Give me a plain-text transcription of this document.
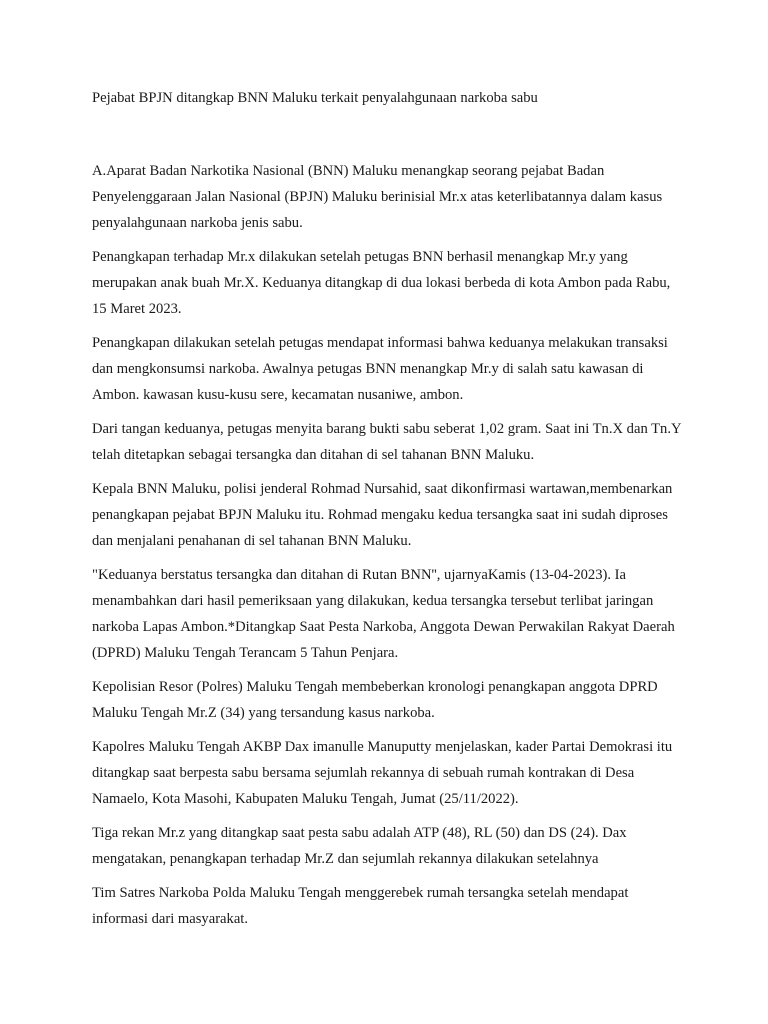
Pejabat BPJN ditangkap BNN Maluku terkait penyalahgunaan narkoba sabu

A.Aparat Badan Narkotika Nasional (BNN) Maluku menangkap seorang pejabat Badan Penyelenggaraan Jalan Nasional (BPJN) Maluku berinisial Mr.x atas keterlibatannya dalam kasus penyalahgunaan narkoba jenis sabu.

Penangkapan terhadap Mr.x dilakukan setelah petugas BNN berhasil menangkap Mr.y yang merupakan anak buah Mr.X. Keduanya ditangkap di dua lokasi berbeda di kota Ambon pada Rabu, 15 Maret 2023.

Penangkapan dilakukan setelah petugas mendapat informasi bahwa keduanya melakukan transaksi dan mengkonsumsi narkoba. Awalnya petugas BNN menangkap Mr.y di salah satu kawasan di Ambon. kawasan kusu-kusu sere, kecamatan nusaniwe, ambon.

Dari tangan keduanya, petugas menyita barang bukti sabu seberat 1,02 gram. Saat ini Tn.X dan Tn.Y telah ditetapkan sebagai tersangka dan ditahan di sel tahanan BNN Maluku.

Kepala BNN Maluku, polisi jenderal Rohmad Nursahid, saat dikonfirmasi wartawan,membenarkan penangkapan pejabat BPJN Maluku itu. Rohmad mengaku kedua tersangka saat ini sudah diproses dan menjalani penahanan di sel tahanan BNN Maluku.

"Keduanya berstatus tersangka dan ditahan di Rutan BNN'', ujarnyaKamis (13-04-2023). Ia menambahkan dari hasil pemeriksaan yang dilakukan, kedua tersangka tersebut terlibat jaringan narkoba Lapas Ambon.*Ditangkap Saat Pesta Narkoba, Anggota Dewan Perwakilan Rakyat Daerah (DPRD) Maluku Tengah Terancam 5 Tahun Penjara.

Kepolisian Resor (Polres) Maluku Tengah membeberkan kronologi penangkapan anggota DPRD Maluku Tengah Mr.Z (34) yang tersandung kasus narkoba.

Kapolres Maluku Tengah AKBP Dax imanulle Manuputty menjelaskan, kader Partai Demokrasi itu ditangkap saat berpesta sabu bersama sejumlah rekannya di sebuah rumah kontrakan di Desa Namaelo, Kota Masohi, Kabupaten Maluku Tengah, Jumat (25/11/2022).

Tiga rekan Mr.z yang ditangkap saat pesta sabu adalah ATP (48), RL (50) dan DS (24). Dax mengatakan, penangkapan terhadap Mr.Z dan sejumlah rekannya dilakukan setelahnya

Tim Satres Narkoba Polda Maluku Tengah menggerebek rumah tersangka setelah mendapat informasi dari masyarakat.
